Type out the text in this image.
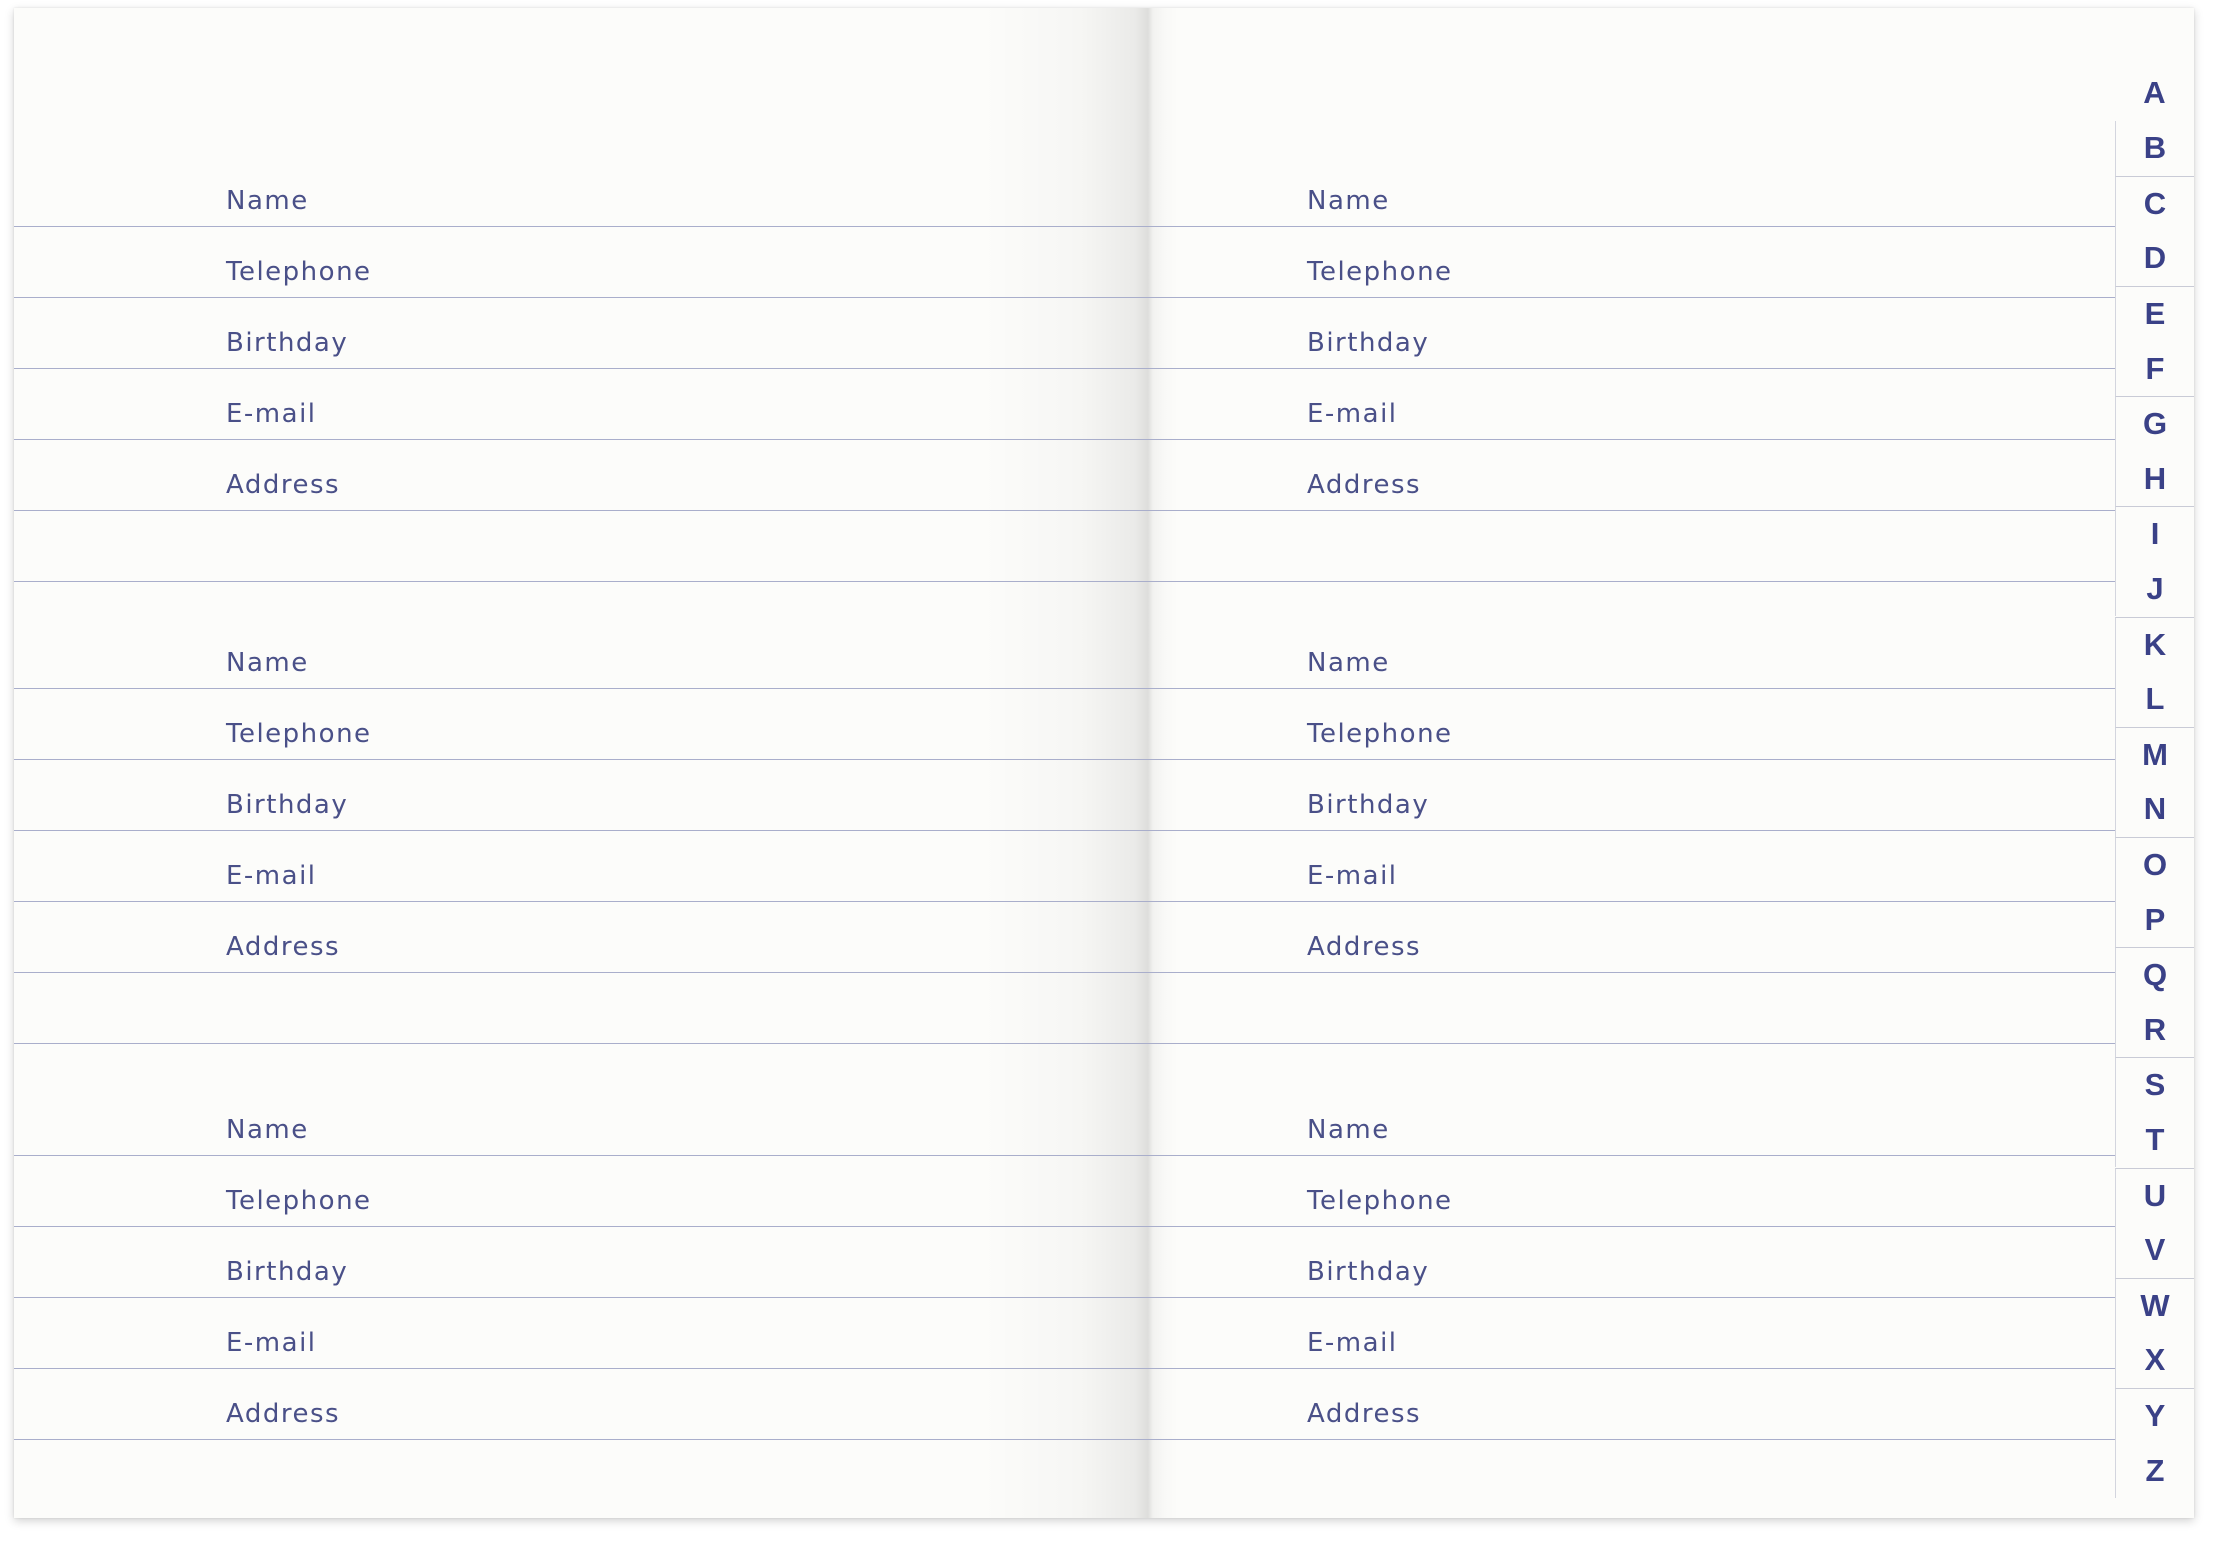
Name
Telephone
Birthday
E-mail
Address
Name
Telephone
Birthday
E-mail
Address
Name
Telephone
Birthday
E-mail
Address
Name
Telephone
Birthday
E-mail
Address
Name
Telephone
Birthday
E-mail
Address
Name
Telephone
Birthday
E-mail
Address
A
B
C
D
E
F
G
H
I
J
K
L
M
N
O
P
Q
R
S
T
U
V
W
X
Y
Z
